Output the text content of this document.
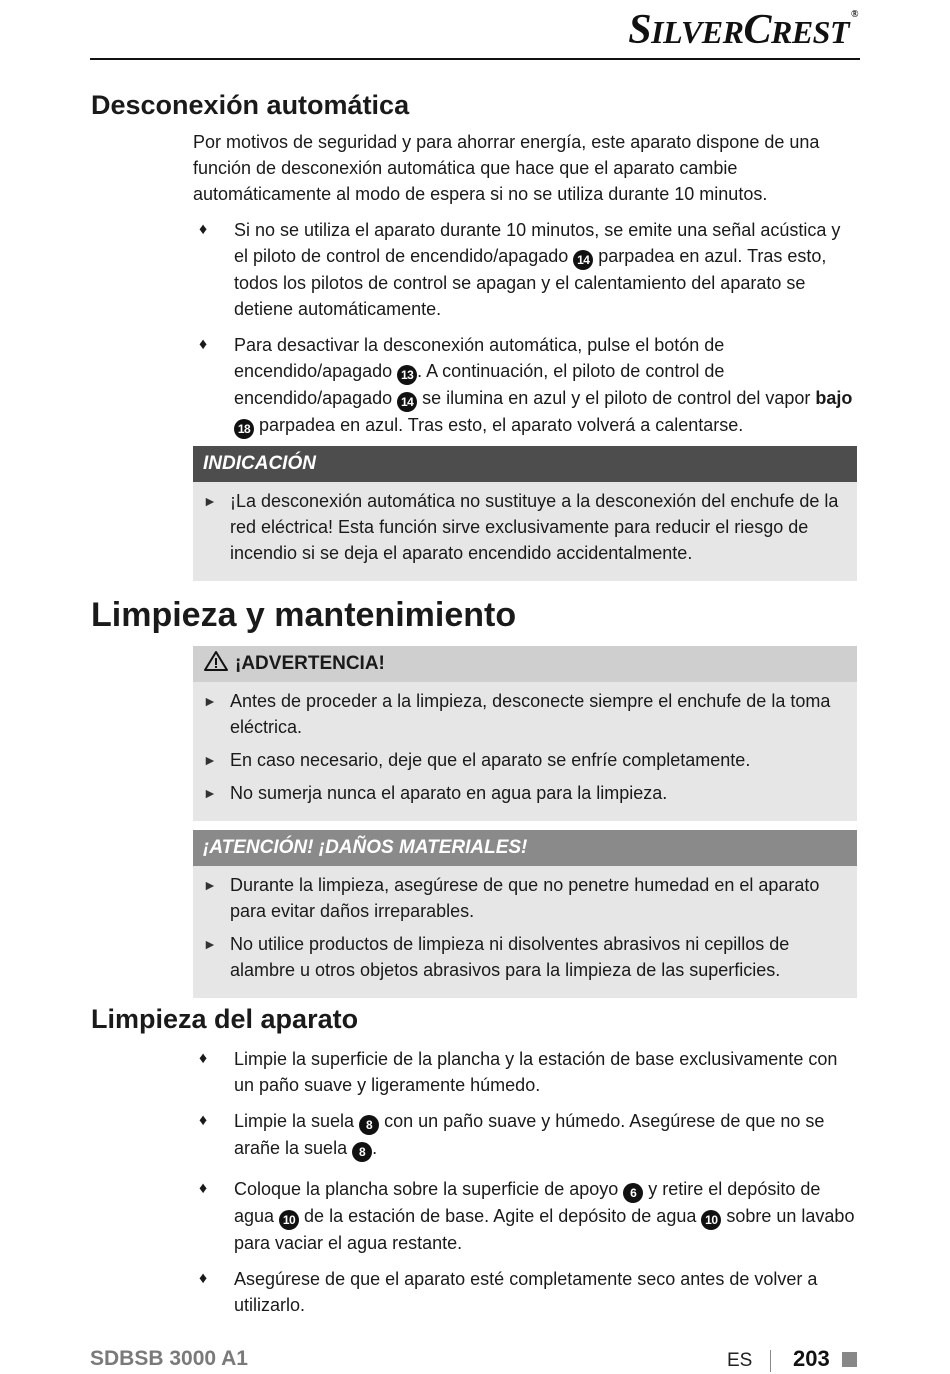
SILVERCREST ®
Desconexión automática

Por motivos de seguridad y para ahorrar energía, este aparato dispone de una función de desconexión automática que hace que el aparato cambie automáticamente al modo de espera si no se utiliza durante 10 minutos.

♦ Si no se utiliza el aparato durante 10 minutos, se emite una señal acústica y el piloto de control de encendido/apagado 14 parpadea en azul. Tras esto, todos los pilotos de control se apagan y el calentamiento del aparato se detiene automáticamente.
♦ Para desactivar la desconexión automática, pulse el botón de encendido/apagado 13 . A continuación, el piloto de control de encendido/apagado 14 se ilumina en azul y el piloto de control del vapor bajo 18 parpadea en azul. Tras esto, el aparato volverá a calentarse.
INDICACIÓN
► ¡La desconexión automática no sustituye a la desconexión del enchufe de la red eléctrica! Esta función sirve exclusivamente para reducir el riesgo de incendio si se deja el aparato encendido accidentalmente.
Limpieza y mantenimiento
¡ADVERTENCIA!
► Antes de proceder a la limpieza, desconecte siempre el enchufe de la toma eléctrica.
► En caso necesario, deje que el aparato se enfríe completamente.
► No sumerja nunca el aparato en agua para la limpieza.
¡ATENCIÓN! ¡DAÑOS MATERIALES!
► Durante la limpieza, asegúrese de que no penetre humedad en el aparato para evitar daños irreparables.
► No utilice productos de limpieza ni disolventes abrasivos ni cepillos de alambre u otros objetos abrasivos para la limpieza de las superficies.
Limpieza del aparato
♦ Limpie la superficie de la plancha y la estación de base exclusivamente con un paño suave y ligeramente húmedo.
♦ Limpie la suela 8 con un paño suave y húmedo. Asegúrese de que no se arañe la suela 8 .
♦ Coloque la plancha sobre la superficie de apoyo 6 y retire el depósito de agua 10 de la estación de base. Agite el depósito de agua 10 sobre un lavabo para vaciar el agua restante.
♦ Asegúrese de que el aparato esté completamente seco antes de volver a utilizarlo.
SDBSB 3000 A1	ES 203
